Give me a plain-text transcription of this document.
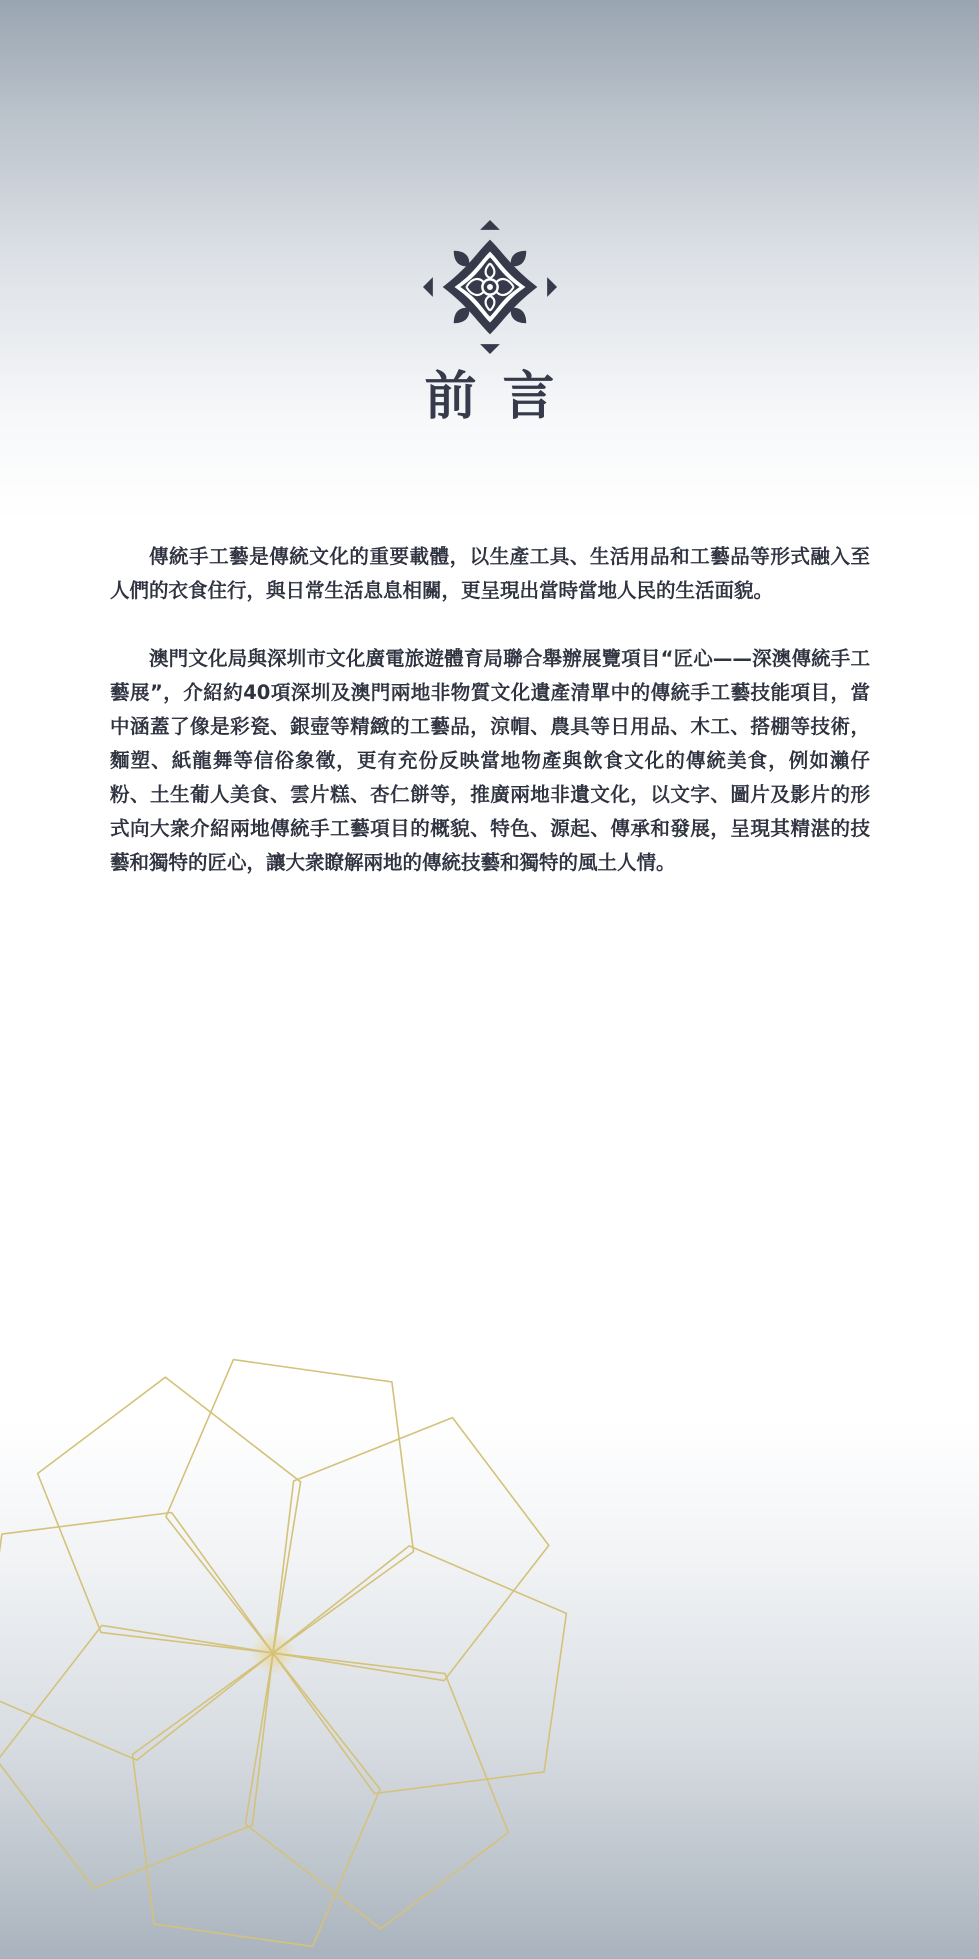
前言

傳統手工藝是傳統文化的重要載體，以生產工具、生活用品和工藝品等形式融入至人們的衣食住行，與日常生活息息相關，更呈現出當時當地人民的生活面貌。

澳門文化局與深圳市文化廣電旅遊體育局聯合舉辦展覽項目“匠心——深澳傳統手工藝展”，介紹約40項深圳及澳門兩地非物質文化遺產清單中的傳統手工藝技能項目，當中涵蓋了像是彩瓷、銀壺等精緻的工藝品，涼帽、農具等日用品、木工、搭棚等技術，麵塑、紙龍舞等信俗象徵，更有充份反映當地物產與飲食文化的傳統美食，例如瀨仔粉、土生葡人美食、雲片糕、杏仁餅等，推廣兩地非遺文化，以文字、圖片及影片的形式向大衆介紹兩地傳統手工藝項目的概貌、特色、源起、傳承和發展，呈現其精湛的技藝和獨特的匠心，讓大衆瞭解兩地的傳統技藝和獨特的風土人情。
